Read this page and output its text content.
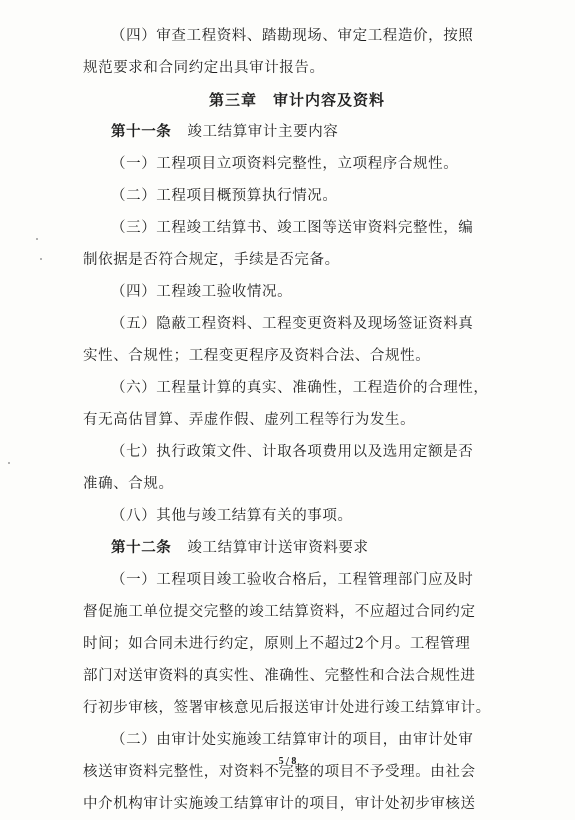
（四）审查工程资料、踏勘现场、审定工程造价，按照
规范要求和合同约定出具审计报告。
第三章　审计内容及资料
第十一条 竣工结算审计主要内容
（一）工程项目立项资料完整性，立项程序合规性。
（二）工程项目概预算执行情况。
（三）工程竣工结算书、竣工图等送审资料完整性，编
制依据是否符合规定，手续是否完备。
（四）工程竣工验收情况。
（五）隐蔽工程资料、工程变更资料及现场签证资料真
实性、合规性；工程变更程序及资料合法、合规性。
（六）工程量计算的真实、准确性，工程造价的合理性，
有无高估冒算、弄虚作假、虚列工程等行为发生。
（七）执行政策文件、计取各项费用以及选用定额是否
准确、合规。
（八）其他与竣工结算有关的事项。
第十二条 竣工结算审计送审资料要求
（一）工程项目竣工验收合格后，工程管理部门应及时
督促施工单位提交完整的竣工结算资料，不应超过合同约定
时间；如合同未进行约定，原则上不超过2个月。工程管理
部门对送审资料的真实性、准确性、完整性和合法合规性进
行初步审核，签署审核意见后报送审计处进行竣工结算审计。
（二）由审计处实施竣工结算审计的项目，由审计处审
核送审资料完整性，对资料不完整的项目不予受理。由社会
中介机构审计实施竣工结算审计的项目，审计处初步审核送
5 / 8
